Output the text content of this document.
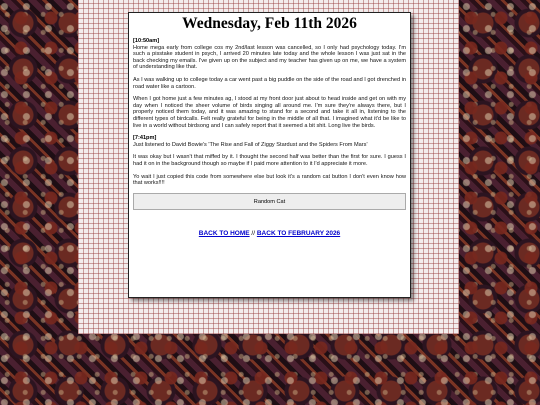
Wednesday, Feb 11th 2026
[10:50am]

Home mega early from college cos my 2nd/last lesson was cancelled, so I only had psychology today. I'm such a pisstake student in psych, I arrived 20 minutes late today and the whole lesson I was just sat in the back checking my emails. I've given up on the subject and my teacher has given up on me, we have a system of understanding like that.

As I was walking up to college today a car went past a big puddle on the side of the road and I got drenched in road water like a cartoon.

When I got home just a few minutes ag, I stood at my front door just about to head inside and get on with my day when I noticed the sheer volume of birds singing all around me. I'm sure they're always there, but I properly noticed them today, and it was amazing to stand for a second and take it all in, listening to the different types of birdcalls. Felt really grateful for being in the middle of all that. I imagined what it'd be like to live in a world without birdsong and I can safely report that it seemed a bit shit. Long live the birds.

[7:41pm]

Just listened to David Bowie's 'The Rise and Fall of Ziggy Stardust and the Spiders From Mars'

It was okay but I wasn't that miffed by it. I thought the second half was better than the first for sure. I guess I had it on in the background though so maybe if I paid more attention to it I'd appreciate it more.

Yo wait I just copied this code from somewhere else but look it's a random cat button I don't even know how that works!!!!

Random Cat
BACK TO HOME // BACK TO FEBRUARY 2026
